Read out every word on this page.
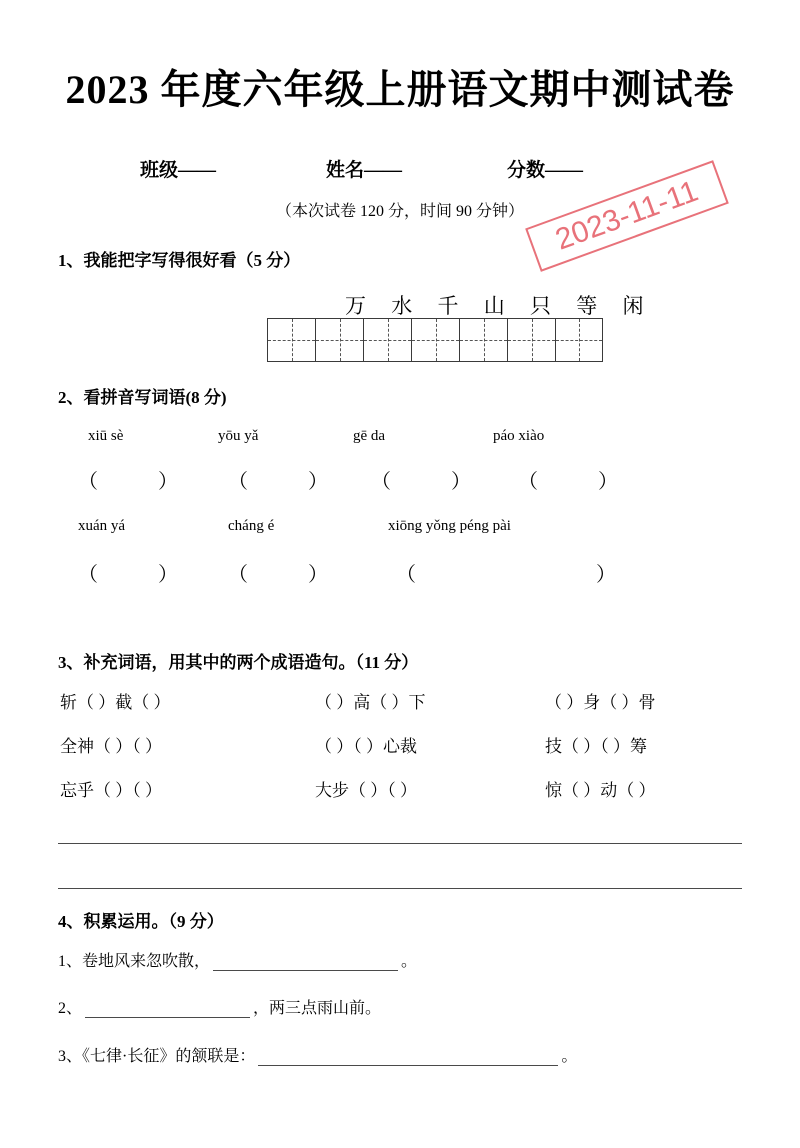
2023 年度六年级上册语文期中测试卷
班级——	姓名——	分数——
（本次试卷 120 分，时间 90 分钟） 2023-11-11
1、我能把字写得很好看（5 分）
万 水 千 山 只 等 闲
2、看拼音写词语(8 分)
xiū sè	yōu yǎ	gē da	páo xiào
（	）	（	） （	） （	）
xuán yá	cháng é	xiōng yǒng péng pài
（	）	（	）	（	）
3、补充词语，用其中的两个成语造句。（11 分）
斩（ ）截（ ）	（ ）高（ ）下	（ ）身（ ）骨
全神（ ）（ ）	（ ）（ ）心裁	技（ ）（ ）筹
忘乎（ ）（ ）	大步（ ）（ ）	惊（ ）动（ ）
4、积累运用。（9 分）
1、卷地风来忽吹散，	。
2、	，两三点雨山前。
3、《七律·长征》的颔联是：	。
